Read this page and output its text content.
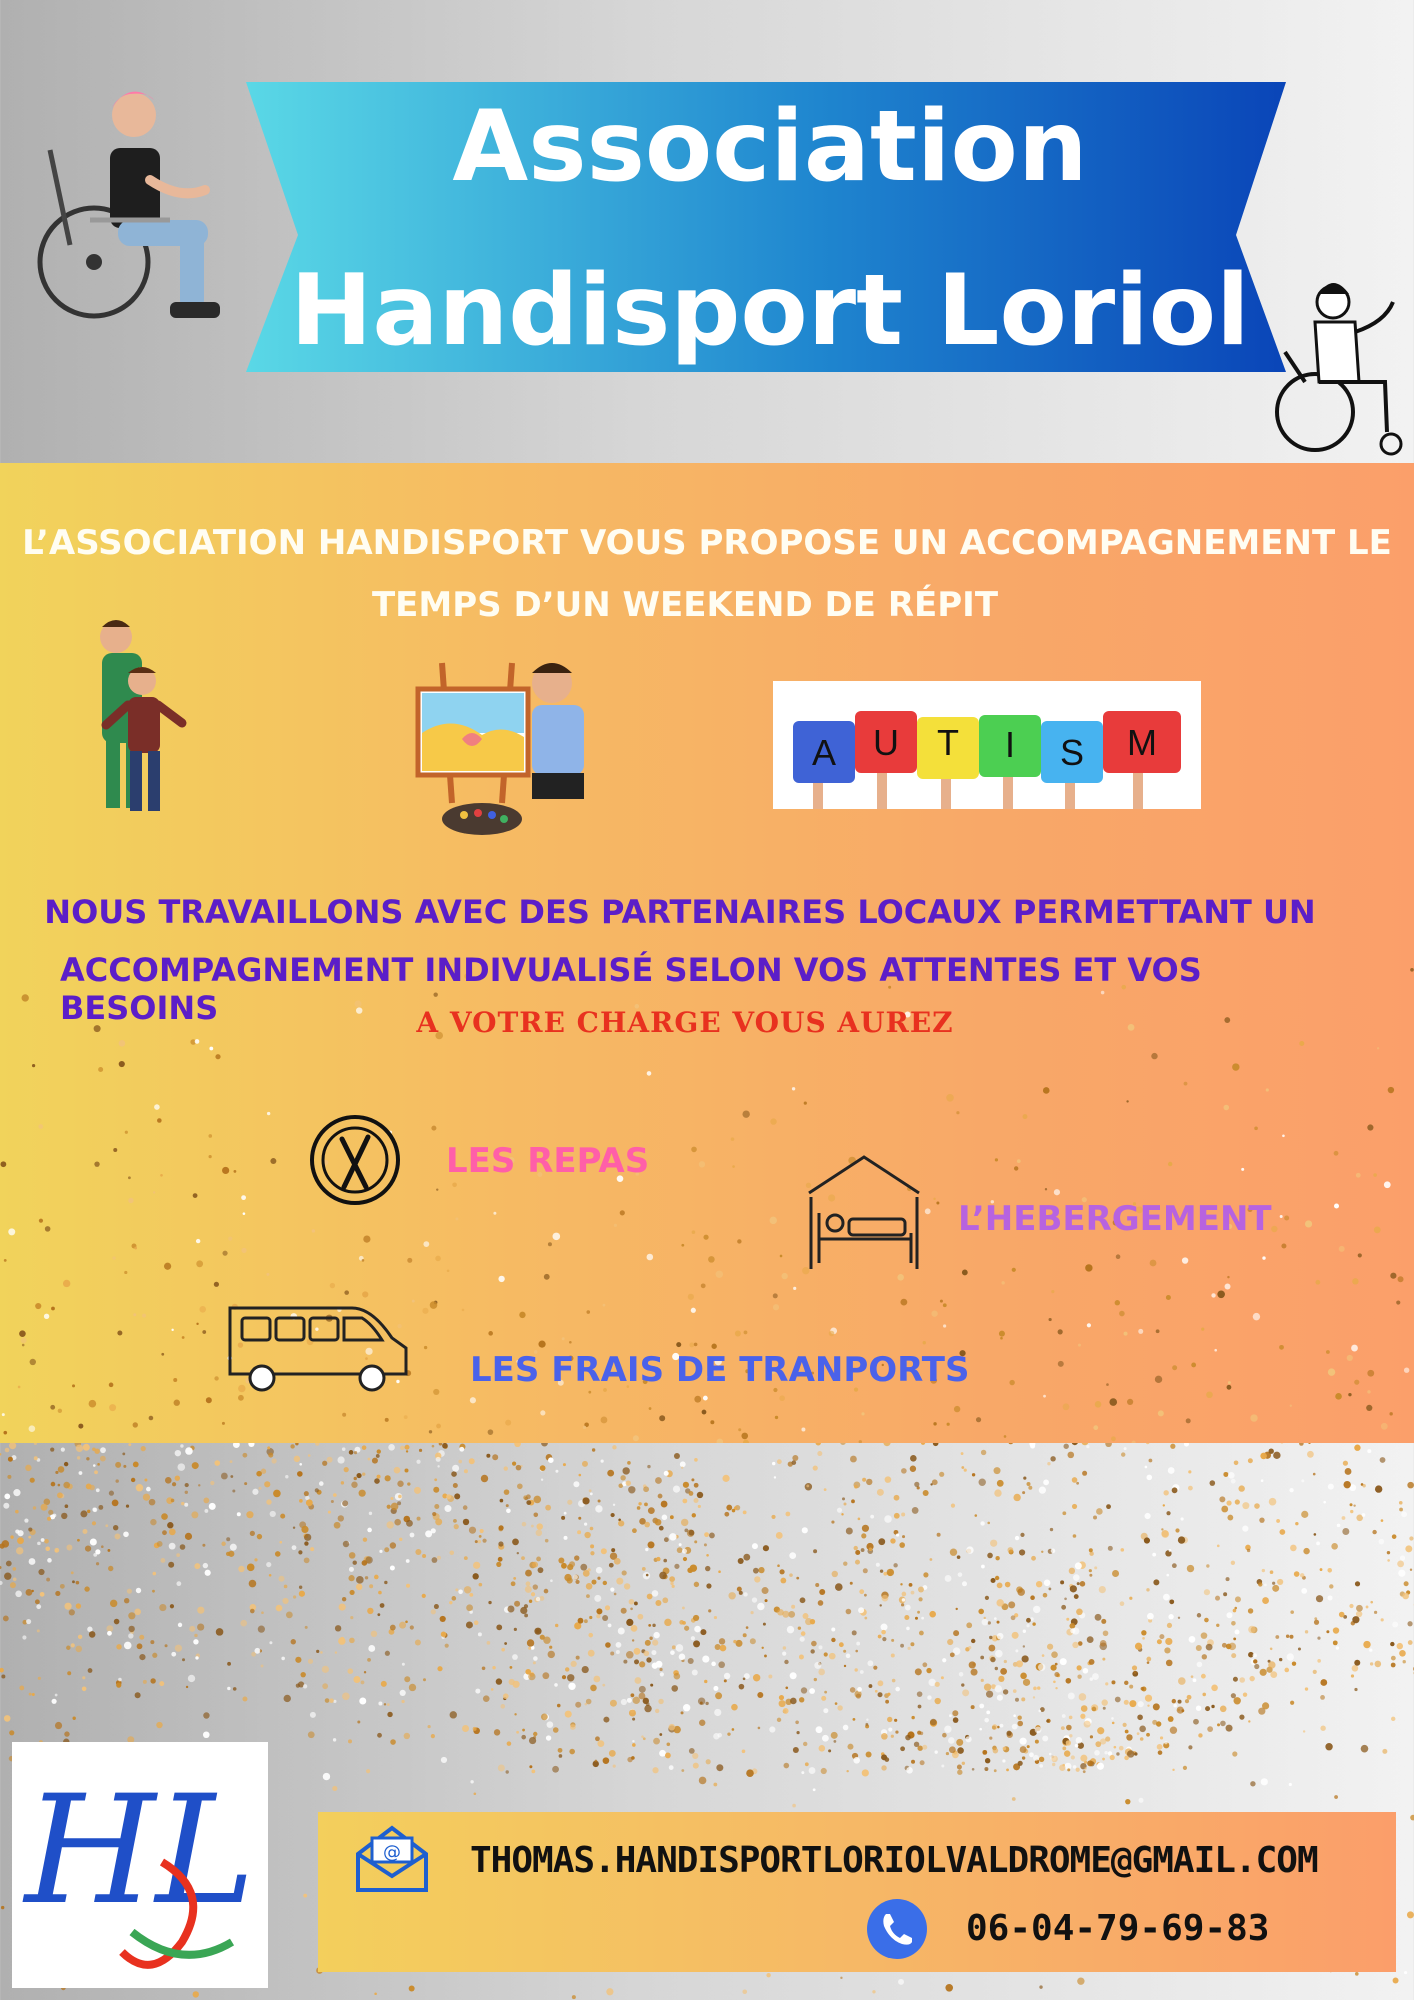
Association
Handisport Loriol
L’ASSOCIATION HANDISPORT VOUS PROPOSE UN ACCOMPAGNEMENT LE
TEMPS D’UN WEEKEND DE RÉPIT
A U T I S M
NOUS TRAVAILLONS AVEC DES PARTENAIRES LOCAUX PERMETTANT UN
ACCOMPAGNEMENT INDIVUALISÉ SELON VOS ATTENTES ET VOS BESOINS	A VOTRE CHARGE VOUS AUREZ
LES REPAS
L’HEBERGEMENT
LES FRAIS DE TRANPORTS
HL	@ THOMAS.HANDISPORTLORIOLVALDROME@GMAIL.COM
06-04-79-69-83
